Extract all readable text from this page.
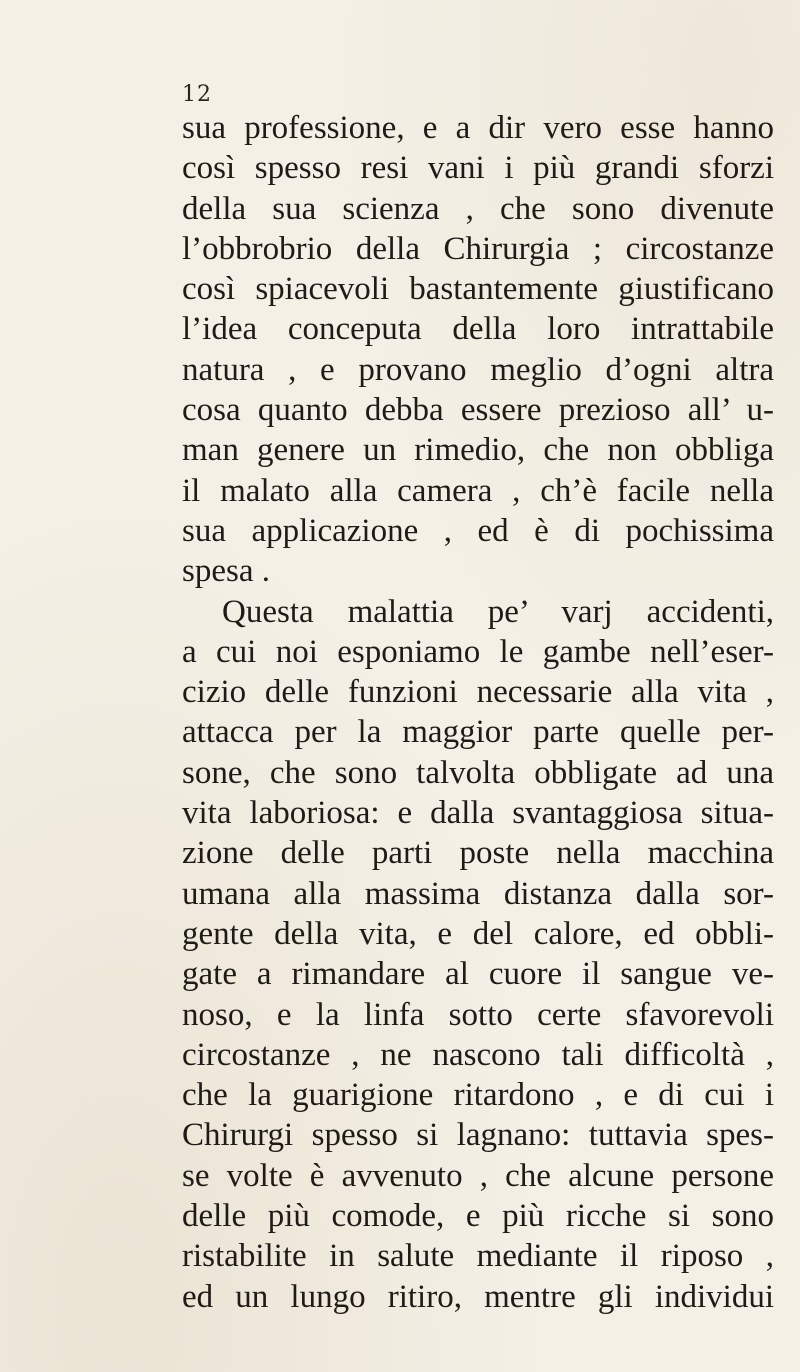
12
sua professione, e a dir vero esse hanno
così spesso resi vani i più grandi sforzi
della sua scienza , che sono divenute
l’obbrobrio della Chirurgia ; circostanze
così spiacevoli bastantemente giustificano
l’idea conceputa della loro intrattabile
natura , e provano meglio d’ogni altra
cosa quanto debba essere prezioso all’ u-
man genere un rimedio, che non obbliga
il malato alla camera , ch’è facile nella
sua applicazione , ed è di pochissima
spesa .
Questa malattia pe’ varj accidenti,
a cui noi esponiamo le gambe nell’eser-
cizio delle funzioni necessarie alla vita ,
attacca per la maggior parte quelle per-
sone, che sono talvolta obbligate ad una
vita laboriosa: e dalla svantaggiosa situa-
zione delle parti poste nella macchina
umana alla massima distanza dalla sor-
gente della vita, e del calore, ed obbli-
gate a rimandare al cuore il sangue ve-
noso, e la linfa sotto certe sfavorevoli
circostanze , ne nascono tali difficoltà ,
che la guarigione ritardono , e di cui i
Chirurgi spesso si lagnano: tuttavia spes-
se volte è avvenuto , che alcune persone
delle più comode, e più ricche si sono
ristabilite in salute mediante il riposo ,
ed un lungo ritiro, mentre gli individui
